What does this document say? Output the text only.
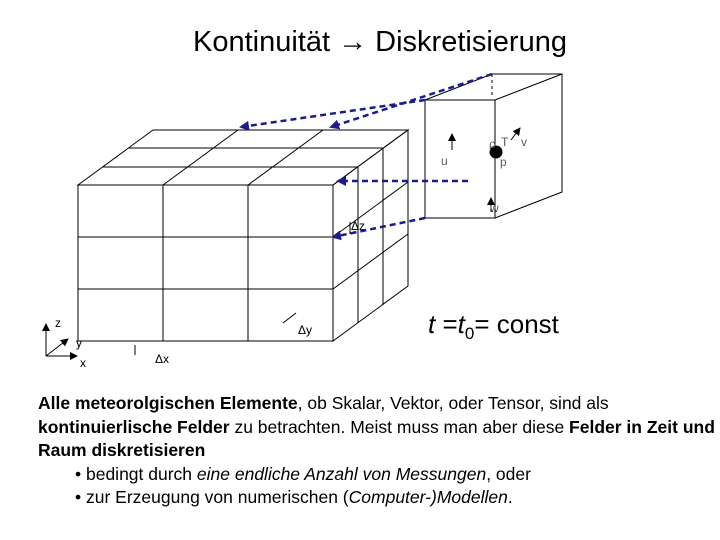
Kontinuität → Diskretisierung
u
w
ρ T v
p
Δz
Δy
Δx
z
y
x
$t =t_0=$ const

Alle meteorolgischen Elemente, ob Skalar, Vektor, oder Tensor, sind als kontinuierlische Felder zu betrachten. Meist muss man aber diese Felder in Zeit und Raum diskretisieren

• bedingt durch eine endliche Anzahl von Messungen, oder

• zur Erzeugung von numerischen (Computer-)Modellen.
